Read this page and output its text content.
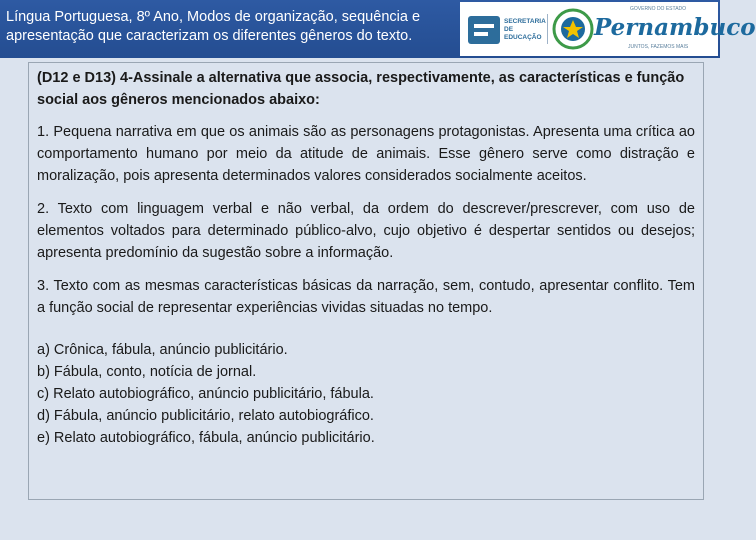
Língua Portuguesa, 8º Ano, Modos de organização, sequência e apresentação que caracterizam os diferentes gêneros do texto.
SECRETARIA DE EDUCAÇÃO
GOVERNO DO ESTADO
Pernambuco
JUNTOS, FAZEMOS MAIS

(D12 e D13) 4-Assinale a alternativa que associa, respectivamente, as características e função social aos gêneros mencionados abaixo:

1. Pequena narrativa em que os animais são as personagens protagonistas. Apresenta uma crítica ao comportamento humano por meio da atitude de animais. Esse gênero serve como distração e moralização, pois apresenta determinados valores considerados socialmente aceitos.

2. Texto com linguagem verbal e não verbal, da ordem do descrever/prescrever, com uso de elementos voltados para determinado público-alvo, cujo objetivo é despertar sentidos ou desejos; apresenta predomínio da sugestão sobre a informação.

3. Texto com as mesmas características básicas da narração, sem, contudo, apresentar conflito. Tem a função social de representar experiências vividas situadas no tempo.

a) Crônica, fábula, anúncio publicitário.

b) Fábula, conto, notícia de jornal.

c) Relato autobiográfico, anúncio publicitário, fábula.

d) Fábula, anúncio publicitário, relato autobiográfico.

e) Relato autobiográfico, fábula, anúncio publicitário.
